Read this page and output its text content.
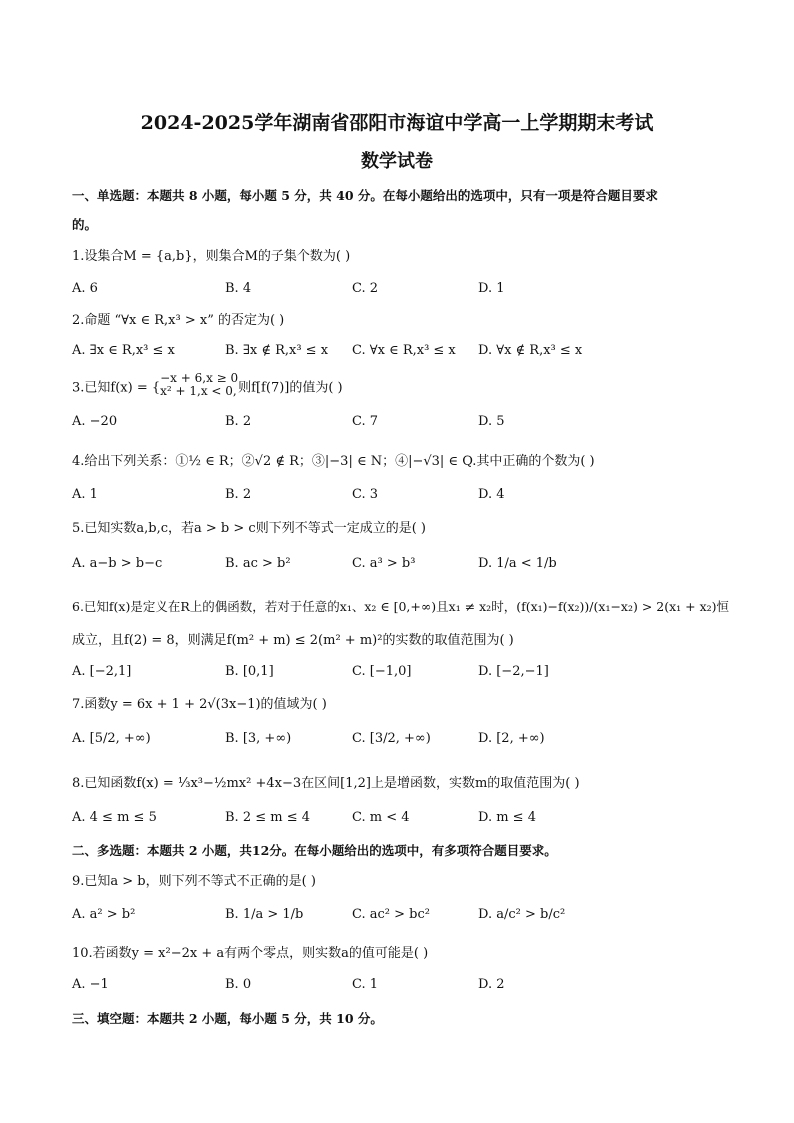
2024-2025学年湖南省邵阳市海谊中学高一上学期期末考试
数学试卷
一、单选题：本题共 8 小题，每小题 5 分，共 40 分。在每小题给出的选项中，只有一项是符合题目要求
的。
1.设集合M = {a,b}，则集合M的子集个数为( )
A. 6	B. 4	C. 2	D. 1
2.命题 “∀x ∈ R,x³ > x” 的否定为( )
A. ∃x ∈ R,x³ ≤ x	B. ∃x ∉ R,x³ ≤ x C. ∀x ∈ R,x³ ≤ x D. ∀x ∉ R,x³ ≤ x
3.已知f(x) = {
−x + 6,x ≥ 0
x² + 1,x < 0, 则f[f(7)]的值为( )
A. −20	B. 2	C. 7	D. 5
4.给出下列关系：①½ ∈ R；②√2 ∉ R；③|−3| ∈ N；④|−√3| ∈ Q.其中正确的个数为( )
A. 1	B. 2	C. 3	D. 4
5.已知实数a,b,c，若a > b > c则下列不等式一定成立的是( )
A. a−b > b−c	B. ac > b²	C. a³ > b³	D. 1/a < 1/b
6.已知f(x)是定义在R上的偶函数，若对于任意的x₁、x₂ ∈ [0,+∞)且x₁ ≠ x₂时，(f(x₁)−f(x₂))/(x₁−x₂) > 2(x₁ + x₂)恒
成立，且f(2) = 8，则满足f(m² + m) ≤ 2(m² + m)²的实数的取值范围为( )
A. [−2,1]	B. [0,1]	C. [−1,0]	D. [−2,−1]
7.函数y = 6x + 1 + 2√(3x−1)的值域为( )
A. [5/2, +∞)	B. [3, +∞)	C. [3/2, +∞)	D. [2, +∞)
8.已知函数f(x) = ⅓x³−½mx² +4x−3在区间[1,2]上是增函数，实数m的取值范围为( )
A. 4 ≤ m ≤ 5	B. 2 ≤ m ≤ 4	C. m < 4	D. m ≤ 4
二、多选题：本题共 2 小题，共12分。在每小题给出的选项中，有多项符合题目要求。
9.已知a > b，则下列不等式不正确的是( )
A. a² > b²	B. 1/a > 1/b	C. ac² > bc²	D. a/c² > b/c²
10.若函数y = x²−2x + a有两个零点，则实数a的值可能是( )
A. −1	B. 0	C. 1	D. 2
三、填空题：本题共 2 小题，每小题 5 分，共 10 分。
